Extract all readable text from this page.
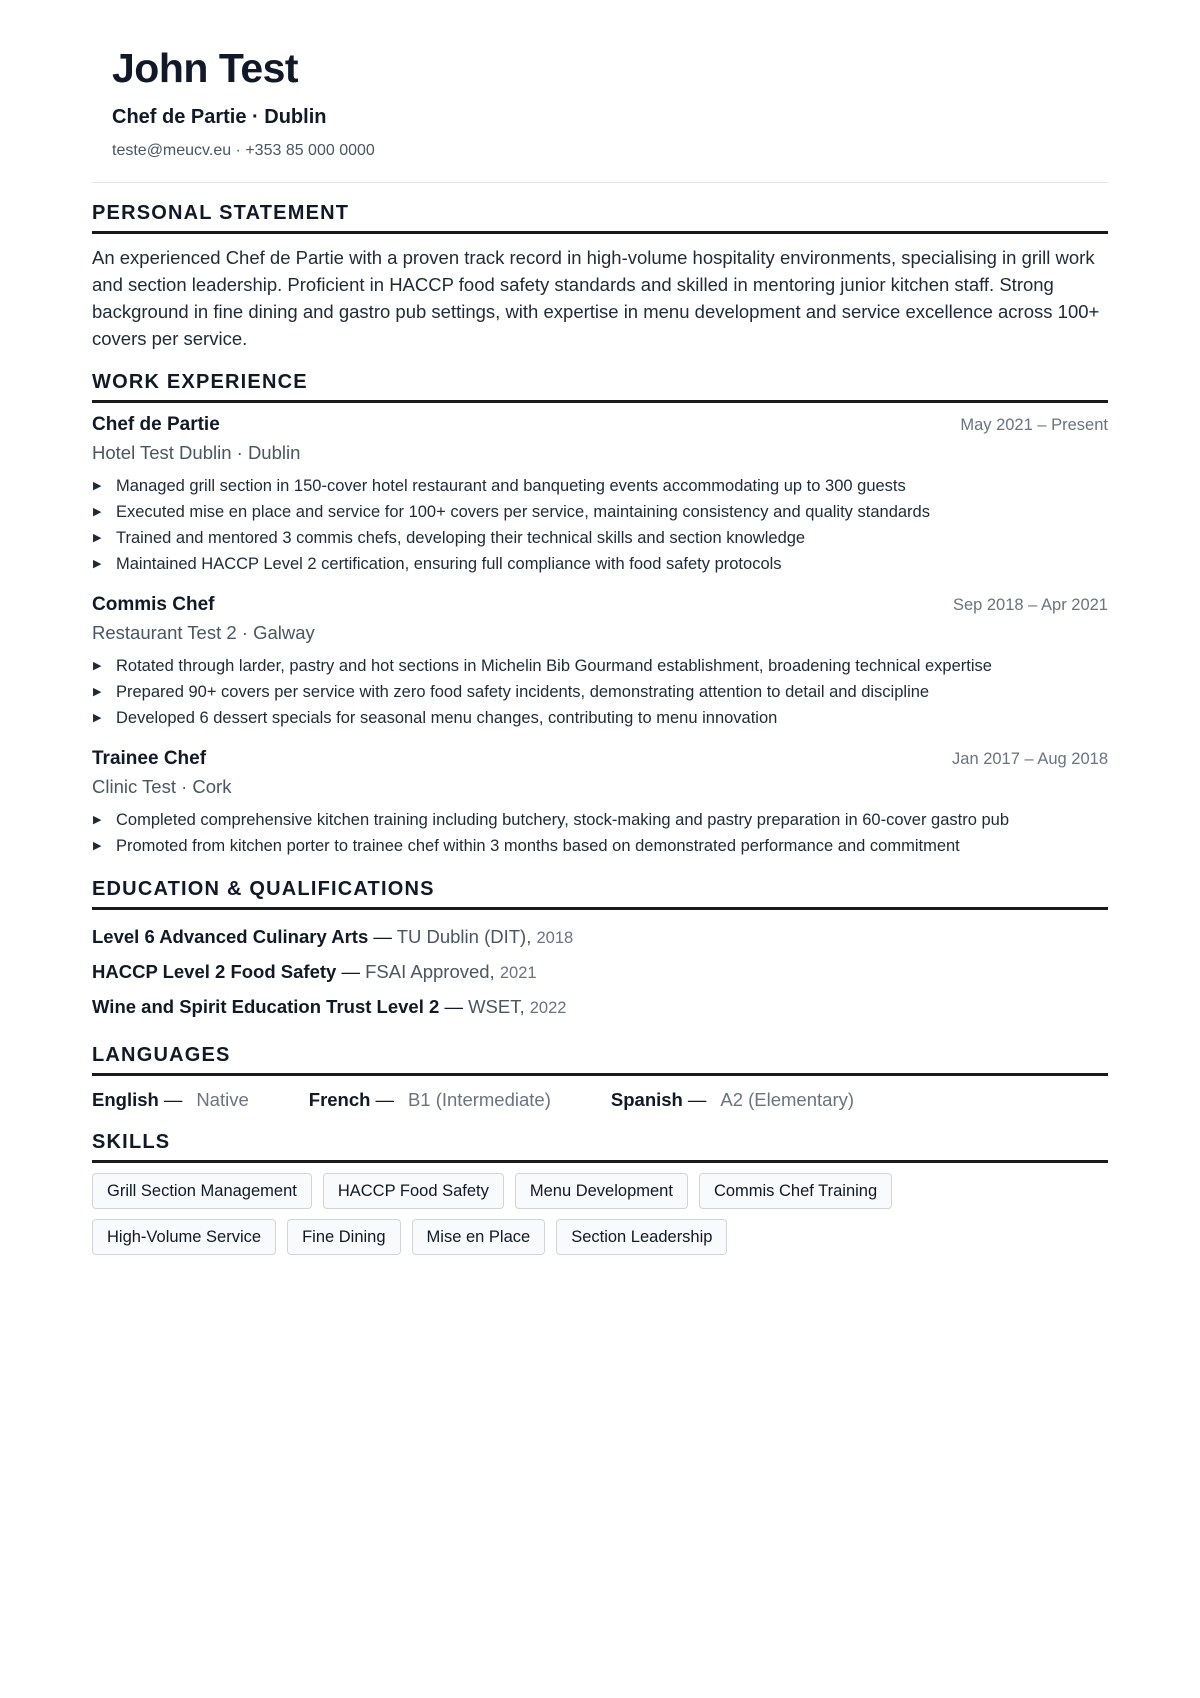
John Test
Chef de Partie · Dublin
teste@meucv.eu · +353 85 000 0000
PERSONAL STATEMENT

An experienced Chef de Partie with a proven track record in high-volume hospitality environments, specialising in grill work and section leadership. Proficient in HACCP food safety standards and skilled in mentoring junior kitchen staff. Strong background in fine dining and gastro pub settings, with expertise in menu development and service excellence across 100+ covers per service.

WORK EXPERIENCE
Chef de Partie	May 2021 – Present
Hotel Test Dublin · Dublin
▶ Managed grill section in 150-cover hotel restaurant and banqueting events accommodating up to 300 guests
▶ Executed mise en place and service for 100+ covers per service, maintaining consistency and quality standards
▶ Trained and mentored 3 commis chefs, developing their technical skills and section knowledge
▶ Maintained HACCP Level 2 certification, ensuring full compliance with food safety protocols
Commis Chef	Sep 2018 – Apr 2021
Restaurant Test 2 · Galway
▶ Rotated through larder, pastry and hot sections in Michelin Bib Gourmand establishment, broadening technical expertise
▶ Prepared 90+ covers per service with zero food safety incidents, demonstrating attention to detail and discipline
▶ Developed 6 dessert specials for seasonal menu changes, contributing to menu innovation
Trainee Chef	Jan 2017 – Aug 2018
Clinic Test · Cork
▶ Completed comprehensive kitchen training including butchery, stock-making and pastry preparation in 60-cover gastro pub
▶ Promoted from kitchen porter to trainee chef within 3 months based on demonstrated performance and commitment
EDUCATION & QUALIFICATIONS
Level 6 Advanced Culinary Arts — TU Dublin (DIT), 2018
HACCP Level 2 Food Safety — FSAI Approved, 2021
Wine and Spirit Education Trust Level 2 — WSET, 2022
LANGUAGES
English — Native	French — B1 (Intermediate)	Spanish — A2 (Elementary)
SKILLS
Grill Section Management	HACCP Food Safety	Menu Development	Commis Chef Training
High-Volume Service	Fine Dining	Mise en Place	Section Leadership
